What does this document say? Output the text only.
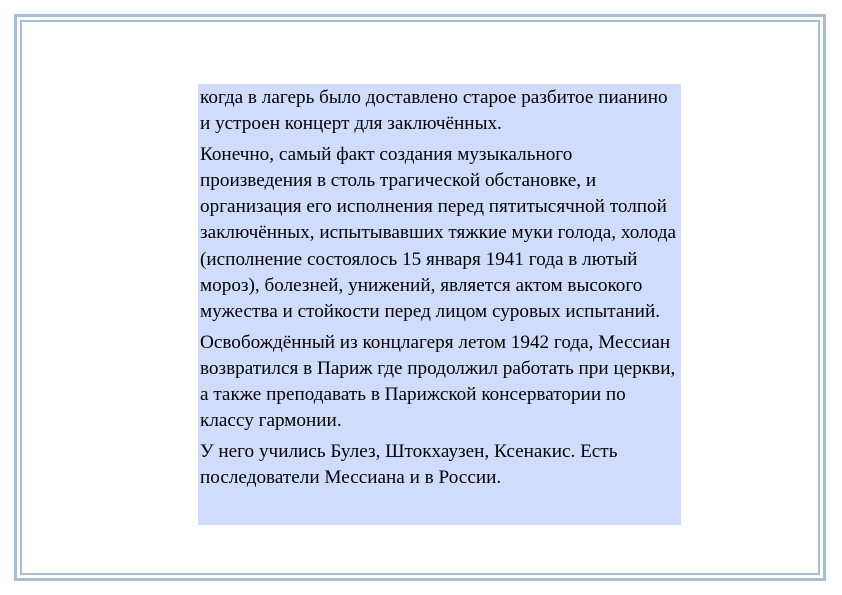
когда в лагерь было доставлено старое разбитое пианино и устроен концерт для заключённых.

Конечно, самый факт создания музыкального произведения в столь трагической обстановке, и организация его исполнения перед пятитысячной толпой заключённых, испытывавших тяжкие муки голода, холода (исполнение состоялось 15 января 1941 года в лютый мороз), болезней, унижений, является актом высокого мужества и стойкости перед лицом суровых испытаний.

Освобождённый из концлагеря летом 1942 года, Мессиан возвратился в Париж где продолжил работать при церкви, а также преподавать в Парижской консерватории по классу гармонии.

У него учились Булез, Штокхаузен, Ксенакис. Есть последователи Мессиана и в России.
